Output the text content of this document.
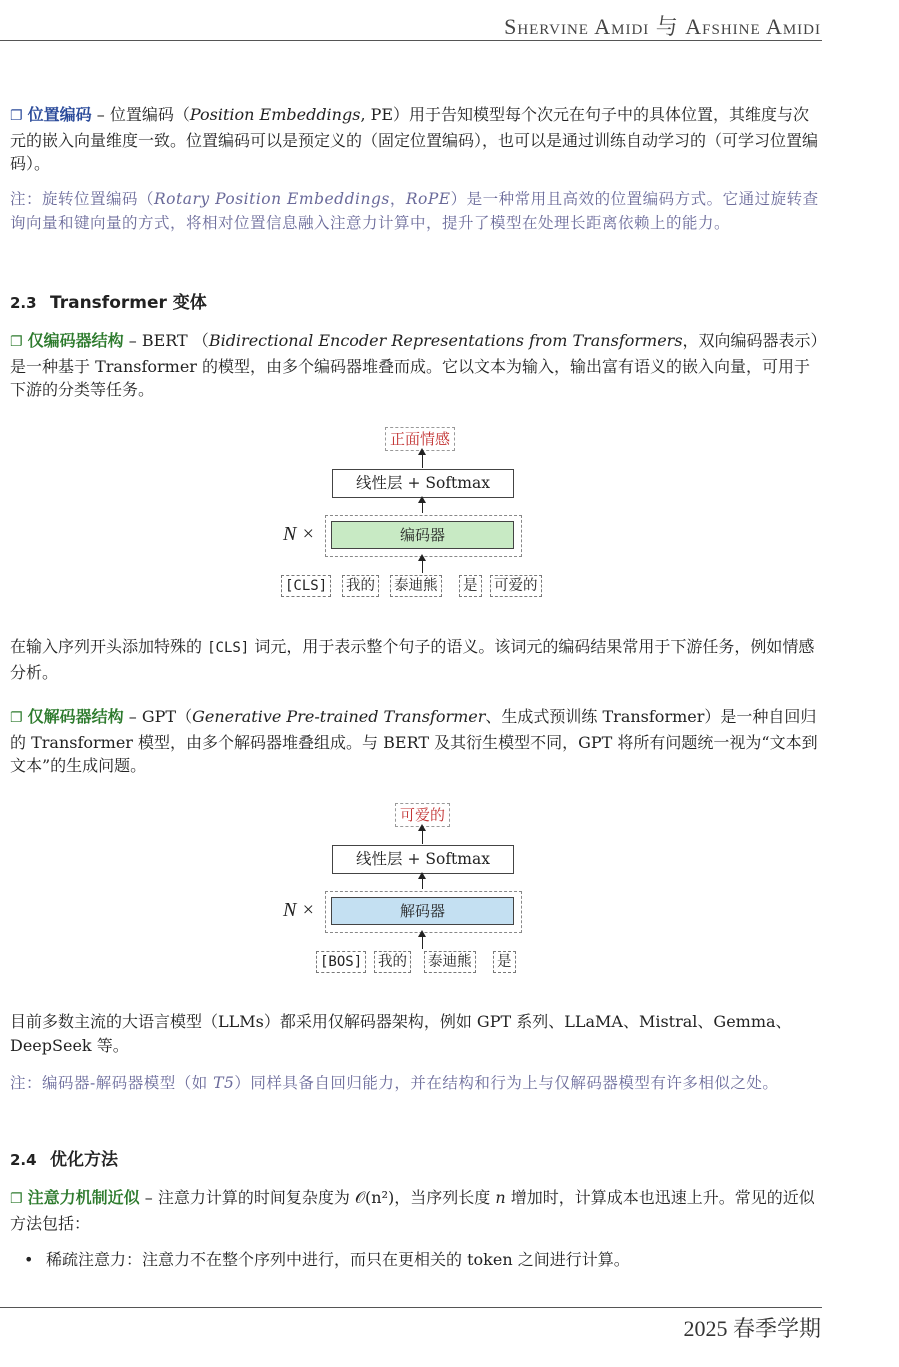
Shervine Amidi 与 Afshine Amidi
❐ 位置编码 – 位置编码（Position Embeddings, PE）用于告知模型每个次元在句子中的具体位置，其维度与次元的嵌入向量维度一致。位置编码可以是预定义的（固定位置编码），也可以是通过训练自动学习的（可学习位置编码）。
注：旋转位置编码（Rotary Position Embeddings，RoPE）是一种常用且高效的位置编码方式。它通过旋转查询向量和键向量的方式，将相对位置信息融入注意力计算中，提升了模型在处理长距离依赖上的能力。
2.3 Transformer 变体
❐ 仅编码器结构 – BERT （Bidirectional Encoder Representations from Transformers，双向编码器表示）是一种基于 Transformer 的模型，由多个编码器堆叠而成。它以文本为输入，输出富有语义的嵌入向量，可用于下游的分类等任务。
正面情感
线性层 + Softmax
编码器
N ×
[CLS] 我的 泰迪熊 是 可爱的
在输入序列开头添加特殊的 [CLS] 词元，用于表示整个句子的语义。该词元的编码结果常用于下游任务，例如情感分析。
❐ 仅解码器结构 – GPT（Generative Pre-trained Transformer、生成式预训练 Transformer）是一种自回归的 Transformer 模型，由多个解码器堆叠组成。与 BERT 及其衍生模型不同，GPT 将所有问题统一视为“文本到文本”的生成问题。
可爱的
线性层 + Softmax
解码器
N ×
[BOS] 我的 泰迪熊 是
目前多数主流的大语言模型（LLMs）都采用仅解码器架构，例如 GPT 系列、LLaMA、Mistral、Gemma、DeepSeek 等。
注：编码器-解码器模型（如 T5）同样具备自回归能力，并在结构和行为上与仅解码器模型有许多相似之处。
2.4 优化方法
❐ 注意力机制近似 – 注意力计算的时间复杂度为 𝒪(n²)，当序列长度 n 增加时，计算成本也迅速上升。常见的近似方法包括：
• 稀疏注意力：注意力不在整个序列中进行，而只在更相关的 token 之间进行计算。
2025 春季学期
